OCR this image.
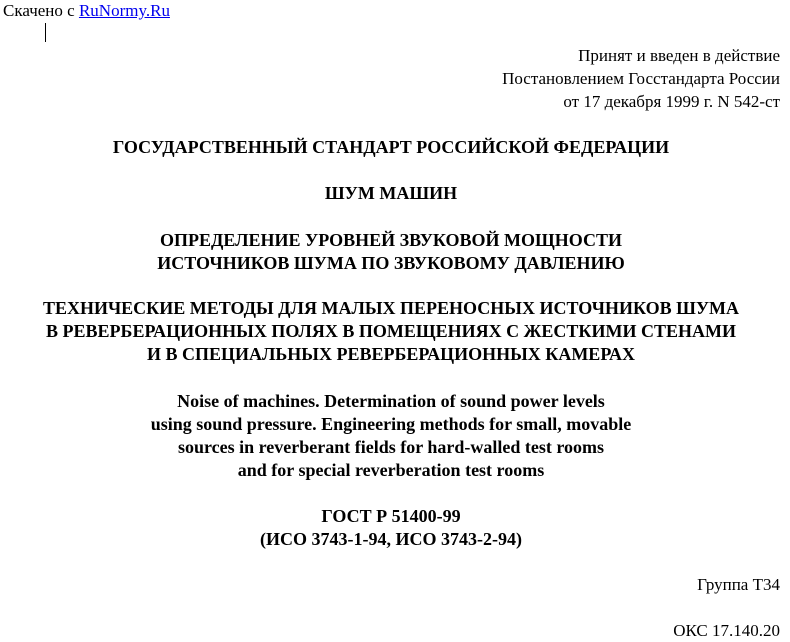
Скачено с RuNormy.Ru
Принят и введен в действие
Постановлением Госстандарта России
от 17 декабря 1999 г. N 542-ст
ГОСУДАРСТВЕННЫЙ СТАНДАРТ РОССИЙСКОЙ ФЕДЕРАЦИИ
ШУМ МАШИН
ОПРЕДЕЛЕНИЕ УРОВНЕЙ ЗВУКОВОЙ МОЩНОСТИ
ИСТОЧНИКОВ ШУМА ПО ЗВУКОВОМУ ДАВЛЕНИЮ
ТЕХНИЧЕСКИЕ МЕТОДЫ ДЛЯ МАЛЫХ ПЕРЕНОСНЫХ ИСТОЧНИКОВ ШУМА
В РЕВЕРБЕРАЦИОННЫХ ПОЛЯХ В ПОМЕЩЕНИЯХ С ЖЕСТКИМИ СТЕНАМИ
И В СПЕЦИАЛЬНЫХ РЕВЕРБЕРАЦИОННЫХ КАМЕРАХ
Noise of machines. Determination of sound power levels
using sound pressure. Engineering methods for small, movable
sources in reverberant fields for hard-walled test rooms
and for special reverberation test rooms
ГОСТ Р 51400-99
(ИСО 3743-1-94, ИСО 3743-2-94)
Группа Т34
ОКС 17.140.20
